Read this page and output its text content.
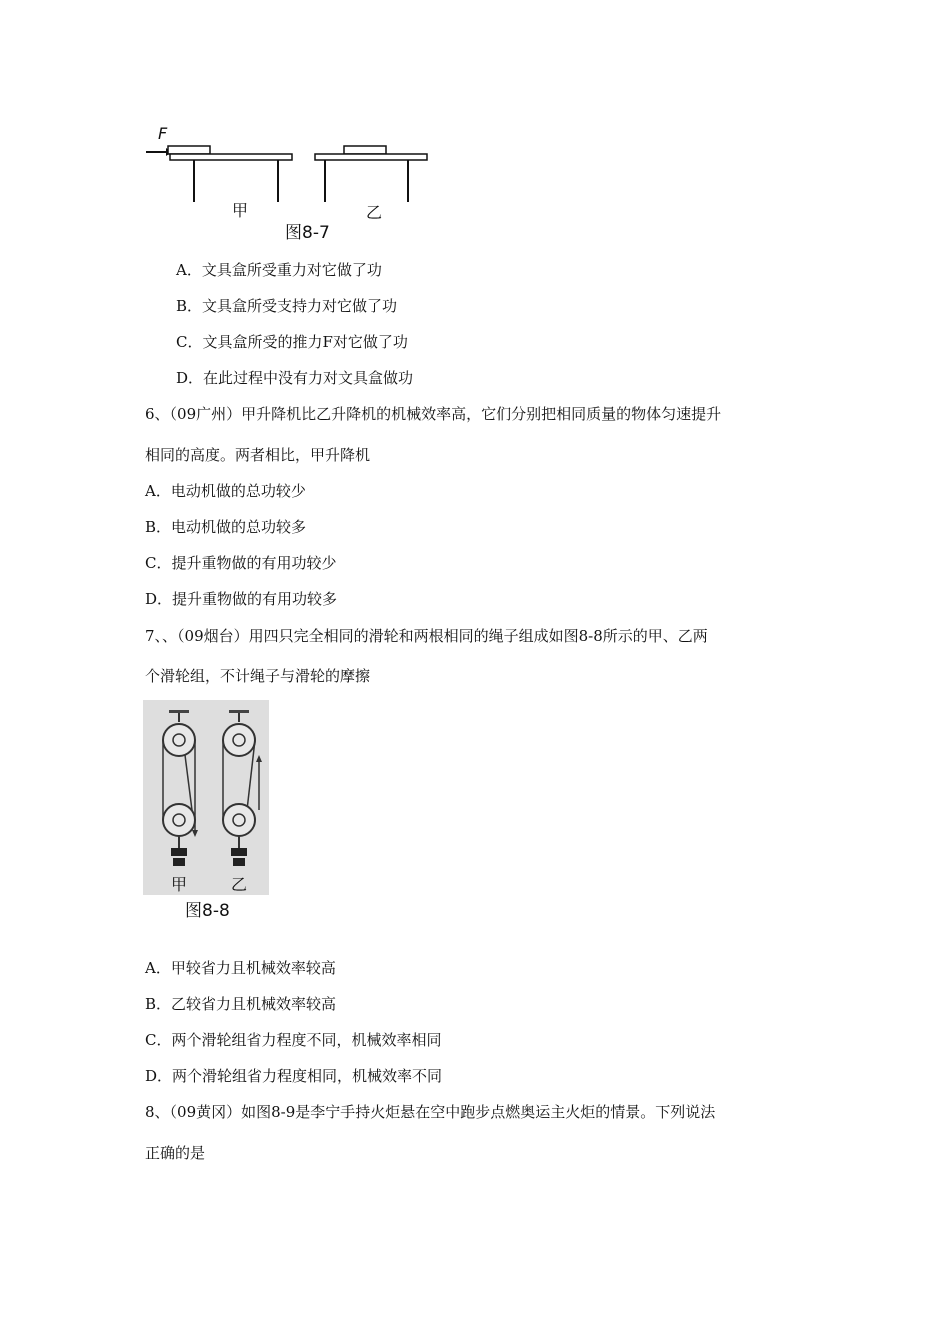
F
甲	乙
图8-7
A．文具盒所受重力对它做了功
B．文具盒所受支持力对它做了功
C．文具盒所受的推力F对它做了功
D．在此过程中没有力对文具盒做功
6、（09广州）甲升降机比乙升降机的机械效率高，它们分别把相同质量的物体匀速提升
相同的高度。两者相比，甲升降机
A．电动机做的总功较少
B．电动机做的总功较多
C．提升重物做的有用功较少
D．提升重物做的有用功较多
7、、（09烟台）用四只完全相同的滑轮和两根相同的绳子组成如图8-8所示的甲、乙两
个滑轮组，不计绳子与滑轮的摩擦
甲	乙
图8-8
A．甲较省力且机械效率较高
B．乙较省力且机械效率较高
C．两个滑轮组省力程度不同，机械效率相同
D．两个滑轮组省力程度相同，机械效率不同
8、（09黄冈）如图8-9是李宁手持火炬悬在空中跑步点燃奥运主火炬的情景。下列说法
正确的是
